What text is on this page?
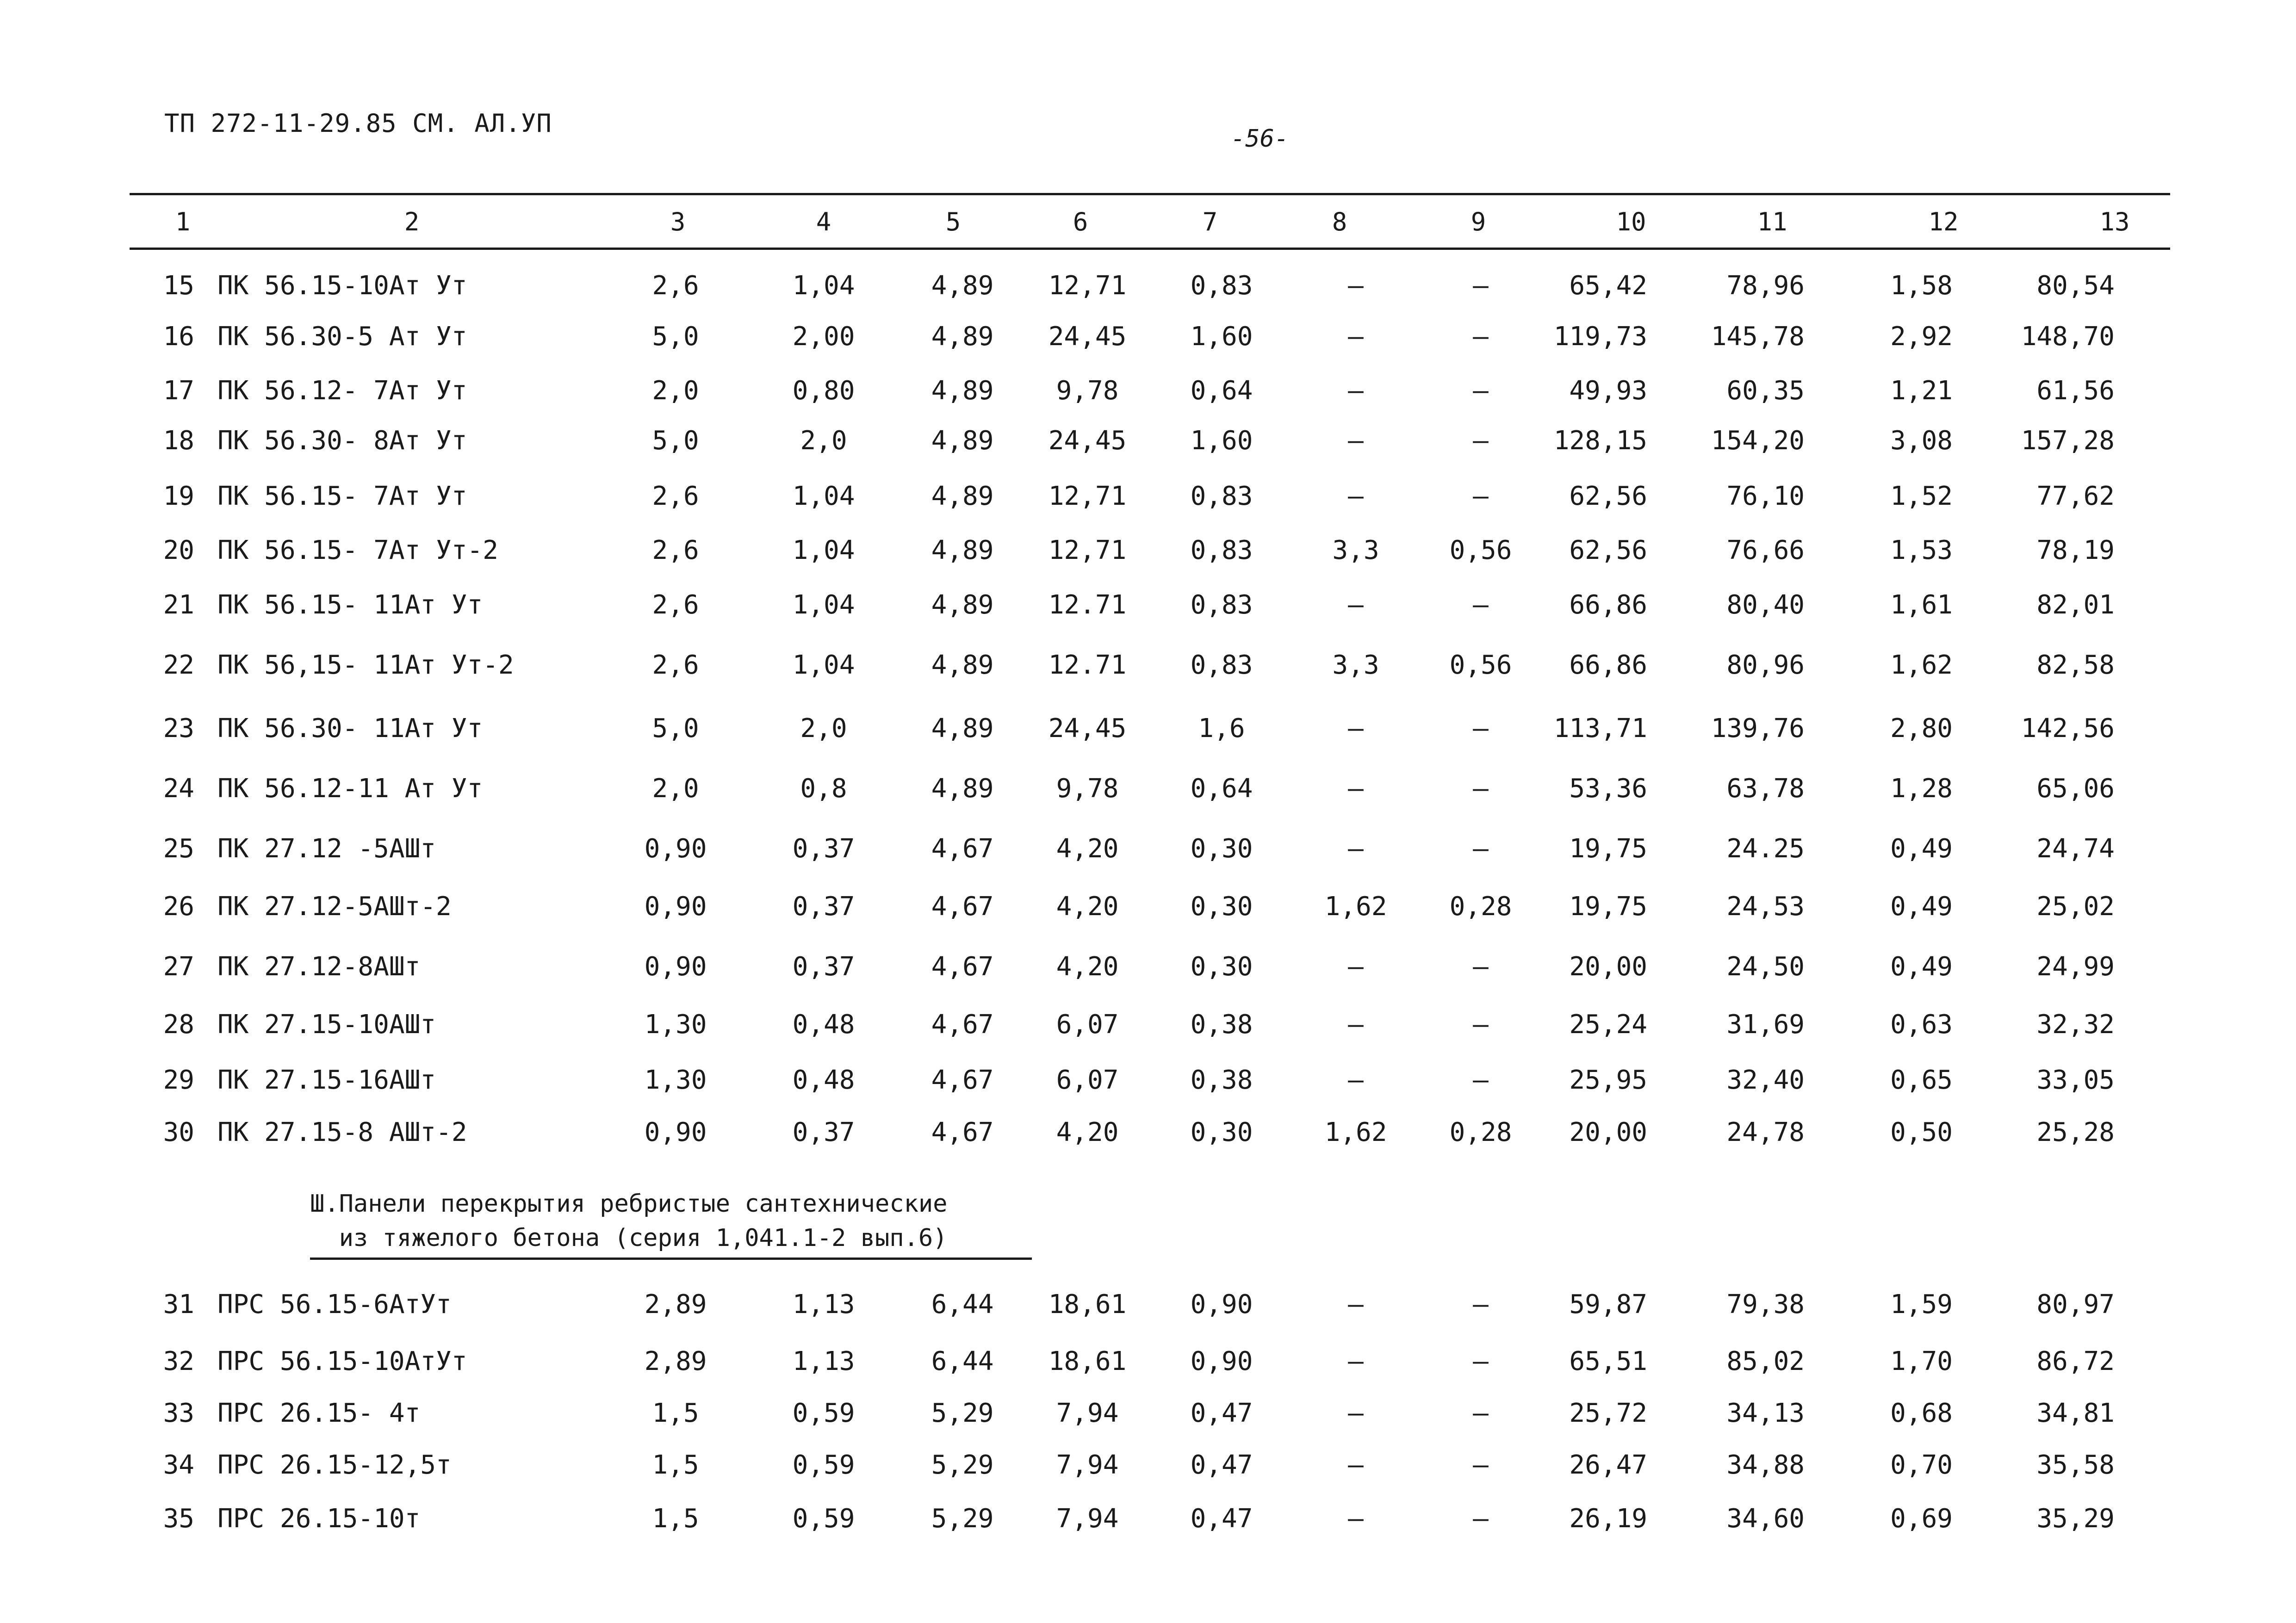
ТП 272-11-29.85 СМ. АЛ.УП
-56-
1	2	3	4	5	6	7	8	9	10	11	12	13
15 ПК 56.15-10Ат Ут	2,6	1,04	4,89 12,71 0,83	–	–	65,42	78,96	1,58	80,54
16 ПК 56.30-5 Ат Ут	5,0	2,00	4,89 24,45 1,60	–	–	119,73 145,78	2,92	148,70
17 ПК 56.12- 7Ат Ут	2,0	0,80	4,89 9,78	0,64	–	–	49,93	60,35	1,21	61,56
18 ПК 56.30- 8Ат Ут	5,0	2,0	4,89 24,45 1,60	–	–	128,15 154,20	3,08	157,28
19 ПК 56.15- 7Ат Ут	2,6	1,04	4,89 12,71 0,83	–	–	62,56	76,10	1,52	77,62
20 ПК 56.15- 7Ат Ут-2	2,6	1,04	4,89 12,71 0,83	3,3	0,56 62,56	76,66	1,53	78,19
21 ПК 56.15- 11Ат Ут	2,6	1,04	4,89 12.71 0,83	–	–	66,86	80,40	1,61	82,01
22 ПК 56,15- 11Ат Ут-2	2,6	1,04	4,89 12.71 0,83	3,3	0,56 66,86	80,96	1,62	82,58
23 ПК 56.30- 11Ат Ут	5,0	2,0	4,89 24,45	1,6	–	–	113,71 139,76	2,80	142,56
24 ПК 56.12-11 Ат Ут	2,0	0,8	4,89 9,78	0,64	–	–	53,36	63,78	1,28	65,06
25 ПК 27.12 -5АШт	0,90	0,37	4,67 4,20	0,30	–	–	19,75	24.25	0,49	24,74
26 ПК 27.12-5АШт-2	0,90	0,37	4,67 4,20	0,30	1,62 0,28 19,75	24,53	0,49	25,02
27 ПК 27.12-8АШт	0,90	0,37	4,67 4,20	0,30	–	–	20,00	24,50	0,49	24,99
28 ПК 27.15-10АШт	1,30	0,48	4,67 6,07	0,38	–	–	25,24	31,69	0,63	32,32
29 ПК 27.15-16АШт	1,30	0,48	4,67 6,07	0,38	–	–	25,95	32,40	0,65	33,05
30 ПК 27.15-8 АШт-2	0,90	0,37	4,67 4,20	0,30	1,62 0,28 20,00	24,78	0,50	25,28
Ш.Панели перекрытия ребристые сантехнические
из тяжелого бетона (серия 1,041.1-2 вып.6)
31 ПРС 56.15-6АтУт	2,89	1,13	6,44 18,61 0,90	–	–	59,87	79,38	1,59	80,97
32 ПРС 56.15-10АтУт	2,89	1,13	6,44 18,61 0,90	–	–	65,51	85,02	1,70	86,72
33 ПРС 26.15- 4т	1,5	0,59	5,29 7,94	0,47	–	–	25,72	34,13	0,68	34,81
34 ПРС 26.15-12,5т	1,5	0,59	5,29 7,94	0,47	–	–	26,47	34,88	0,70	35,58
35 ПРС 26.15-10т	1,5	0,59	5,29 7,94	0,47	–	–	26,19	34,60	0,69	35,29
